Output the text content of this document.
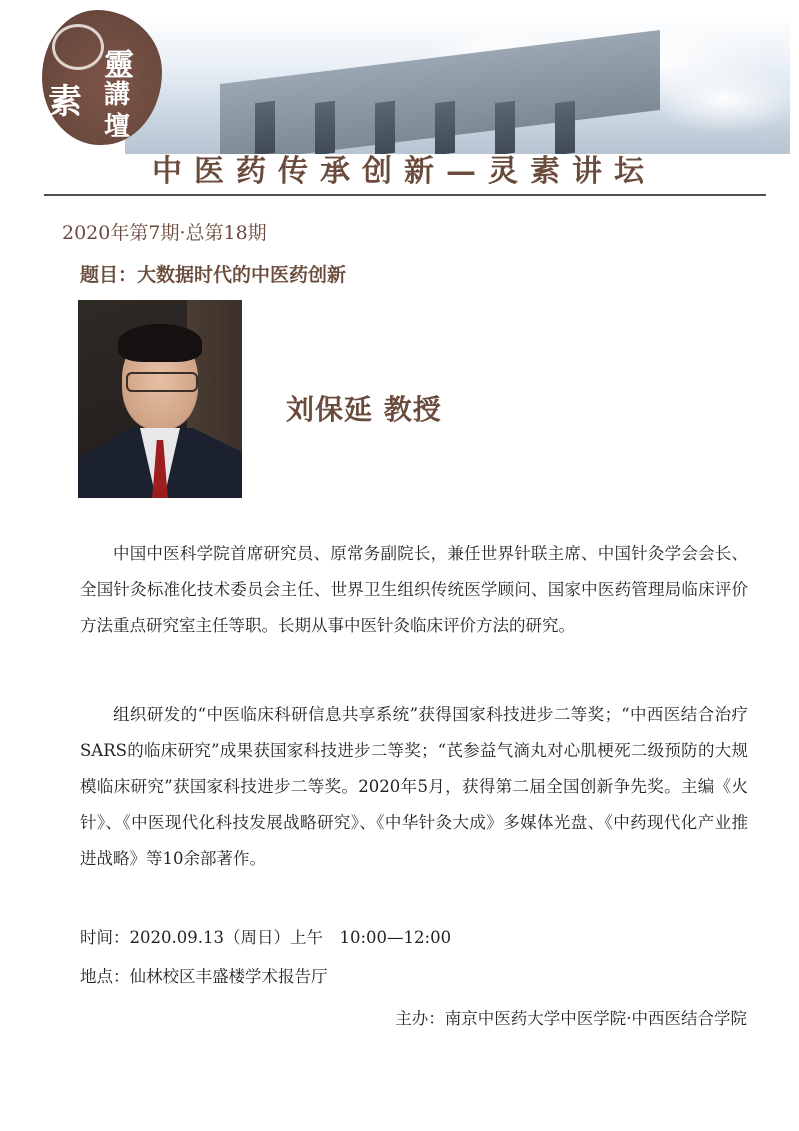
素
靈
講
壇
中医药传承创新—灵素讲坛
2020年第7期·总第18期
题目：大数据时代的中医药创新
刘保延 教授
中国中医科学院首席研究员、原常务副院长，兼任世界针联主席、中国针灸学会会长、全国针灸标准化技术委员会主任、世界卫生组织传统医学顾问、国家中医药管理局临床评价方法重点研究室主任等职。长期从事中医针灸临床评价方法的研究。
组织研发的“中医临床科研信息共享系统”获得国家科技进步二等奖；“中西医结合治疗SARS的临床研究”成果获国家科技进步二等奖；“芪参益气滴丸对心肌梗死二级预防的大规模临床研究”获国家科技进步二等奖。2020年5月，获得第二届全国创新争先奖。主编《火针》、《中医现代化科技发展战略研究》、《中华针灸大成》多媒体光盘、《中药现代化产业推进战略》等10余部著作。
时间：2020.09.13（周日）上午　10:00—12:00
地点：仙林校区丰盛楼学术报告厅
主办：南京中医药大学中医学院·中西医结合学院
